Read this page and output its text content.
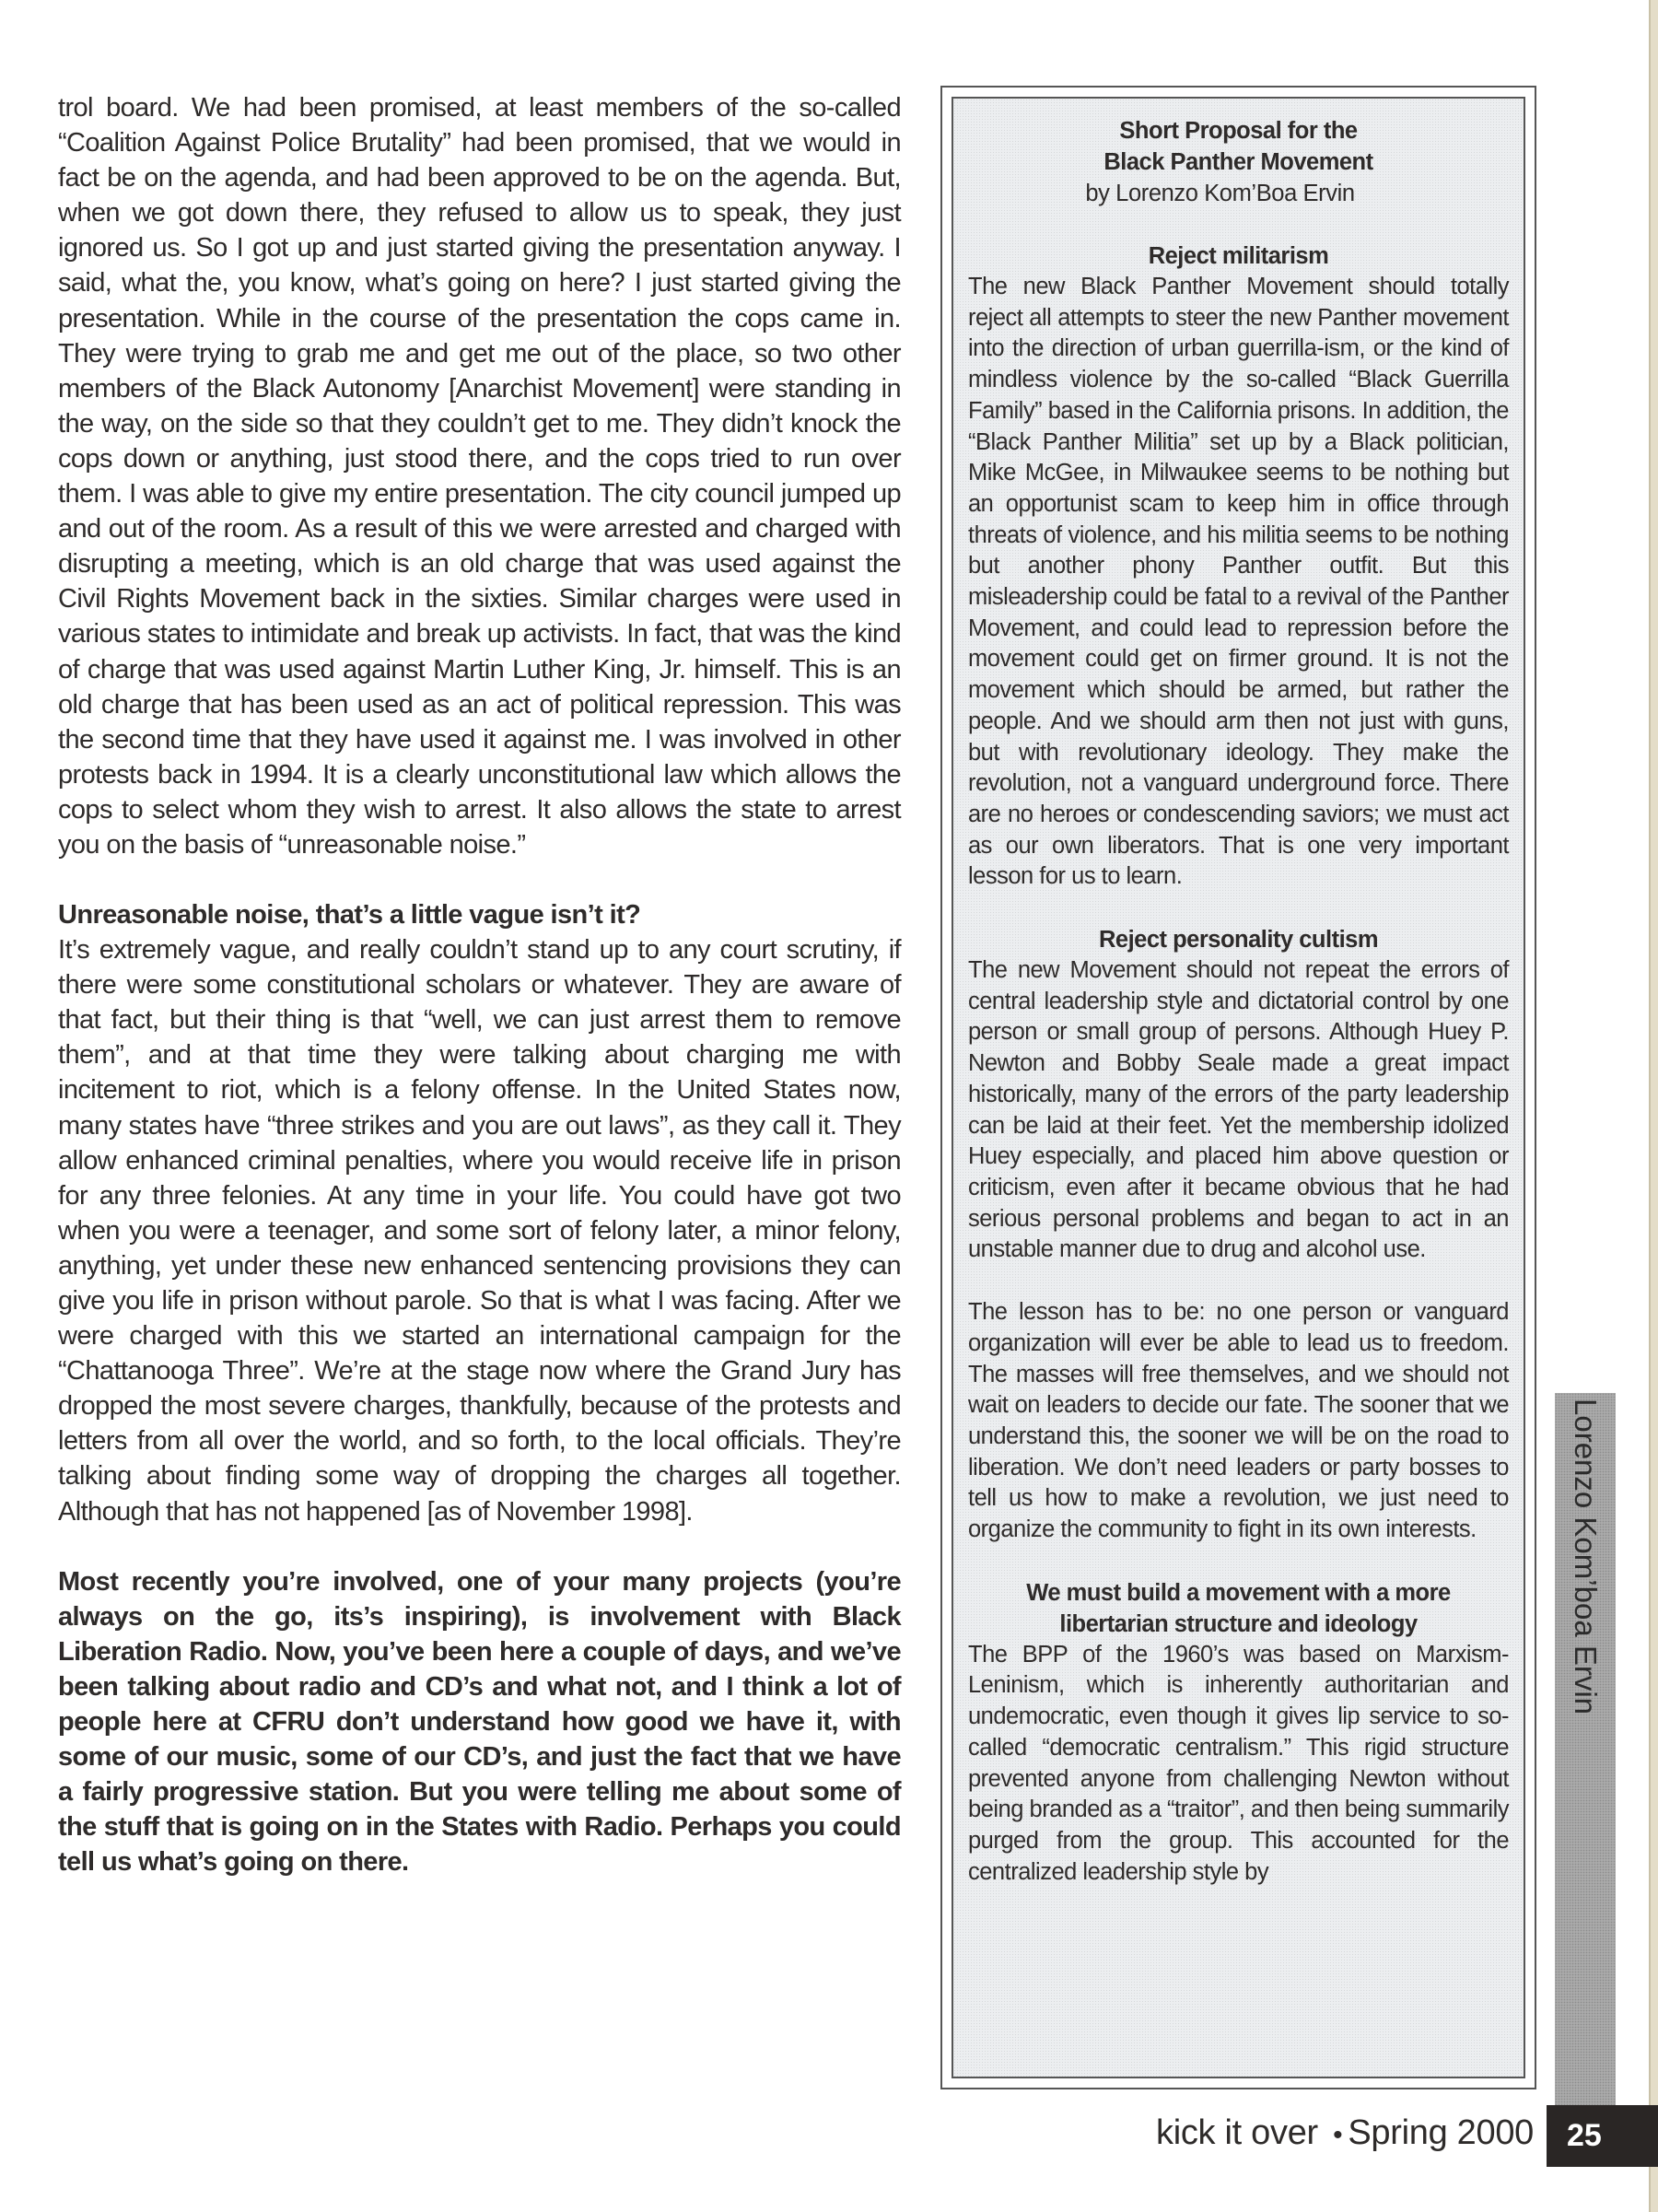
trol board. We had been promised, at least members of the so-called “Coalition Against Police Brutality” had been promised, that we would in fact be on the agenda, and had been approved to be on the agenda. But, when we got down there, they refused to allow us to speak, they just ignored us. So I got up and just started giving the presentation anyway. I said, what the, you know, what’s going on here? I just started giving the presentation. While in the course of the presentation the cops came in. They were trying to grab me and get me out of the place, so two other members of the Black Autonomy [Anarchist Movement] were standing in the way, on the side so that they couldn’t get to me. They didn’t knock the cops down or anything, just stood there, and the cops tried to run over them. I was able to give my entire presentation. The city council jumped up and out of the room. As a result of this we were arrested and charged with disrupting a meeting, which is an old charge that was used against the Civil Rights Movement back in the sixties. Similar charges were used in various states to intimidate and break up activists. In fact, that was the kind of charge that was used against Martin Luther King, Jr. himself. This is an old charge that has been used as an act of political repression. This was the second time that they have used it against me. I was involved in other protests back in 1994. It is a clearly unconstitutional law which allows the cops to select whom they wish to arrest. It also allows the state to arrest you on the basis of “unreasonable noise.”

Unreasonable noise, that’s a little vague isn’t it?

It’s extremely vague, and really couldn’t stand up to any court scrutiny, if there were some constitutional scholars or whatever. They are aware of that fact, but their thing is that “well, we can just arrest them to remove them”, and at that time they were talking about charging me with incitement to riot, which is a felony offense. In the United States now, many states have “three strikes and you are out laws”, as they call it. They allow enhanced criminal penalties, where you would receive life in prison for any three felonies. At any time in your life. You could have got two when you were a teenager, and some sort of felony later, a minor felony, anything, yet under these new enhanced sentencing provisions they can give you life in prison without parole. So that is what I was facing. After we were charged with this we started an international campaign for the “Chattanooga Three”. We’re at the stage now where the Grand Jury has dropped the most severe charges, thankfully, because of the protests and letters from all over the world, and so forth, to the local officials. They’re talking about finding some way of dropping the charges all together. Although that has not happened [as of November 1998].

Most recently you’re involved, one of your many projects (you’re always on the go, its’s inspiring), is involvement with Black Liberation Radio. Now, you’ve been here a couple of days, and we’ve been talking about radio and CD’s and what not, and I think a lot of people here at CFRU don’t understand how good we have it, with some of our music, some of our CD’s, and just the fact that we have a fairly progressive station. But you were telling me about some of the stuff that is going on in the States with Radio. Perhaps you could tell us what’s going on there.

Short Proposal for the
Black Panther Movement
by Lorenzo Kom’Boa Ervin
Reject militarism

The new Black Panther Movement should totally reject all attempts to steer the new Panther movement into the direction of urban guerrilla-ism, or the kind of mindless violence by the so-called “Black Guerrilla Family” based in the California prisons. In addition, the “Black Panther Militia” set up by a Black politician, Mike McGee, in Milwaukee seems to be nothing but an opportunist scam to keep him in office through threats of violence, and his militia seems to be nothing but another phony Panther outfit. But this misleadership could be fatal to a revival of the Panther Movement, and could lead to repression before the movement could get on firmer ground. It is not the movement which should be armed, but rather the people. And we should arm then not just with guns, but with revolutionary ideology. They make the revolution, not a vanguard underground force. There are no heroes or condescending saviors; we must act as our own liberators. That is one very important lesson for us to learn.

Reject personality cultism

The new Movement should not repeat the errors of central leadership style and dictatorial control by one person or small group of persons. Although Huey P. Newton and Bobby Seale made a great impact historically, many of the errors of the party leadership can be laid at their feet. Yet the membership idolized Huey especially, and placed him above question or criticism, even after it became obvious that he had serious personal problems and began to act in an unstable manner due to drug and alcohol use.

The lesson has to be: no one person or vanguard organization will ever be able to lead us to freedom. The masses will free themselves, and we should not wait on leaders to decide our fate. The sooner that we understand this, the sooner we will be on the road to liberation. We don’t need leaders or party bosses to tell us how to make a revolution, we just need to organize the community to fight in its own interests.

We must build a movement with a more libertarian structure and ideology

The BPP of the 1960’s was based on Marxism-Leninism, which is inherently authoritarian and undemocratic, even though it gives lip service to so-called “democratic centralism.” This rigid structure prevented anyone from challenging Newton without being branded as a “traitor”, and then being summarily purged from the group. This accounted for the centralized leadership style by

Lorenzo Kom’boa Ervin
kick it over • Spring 2000	25
